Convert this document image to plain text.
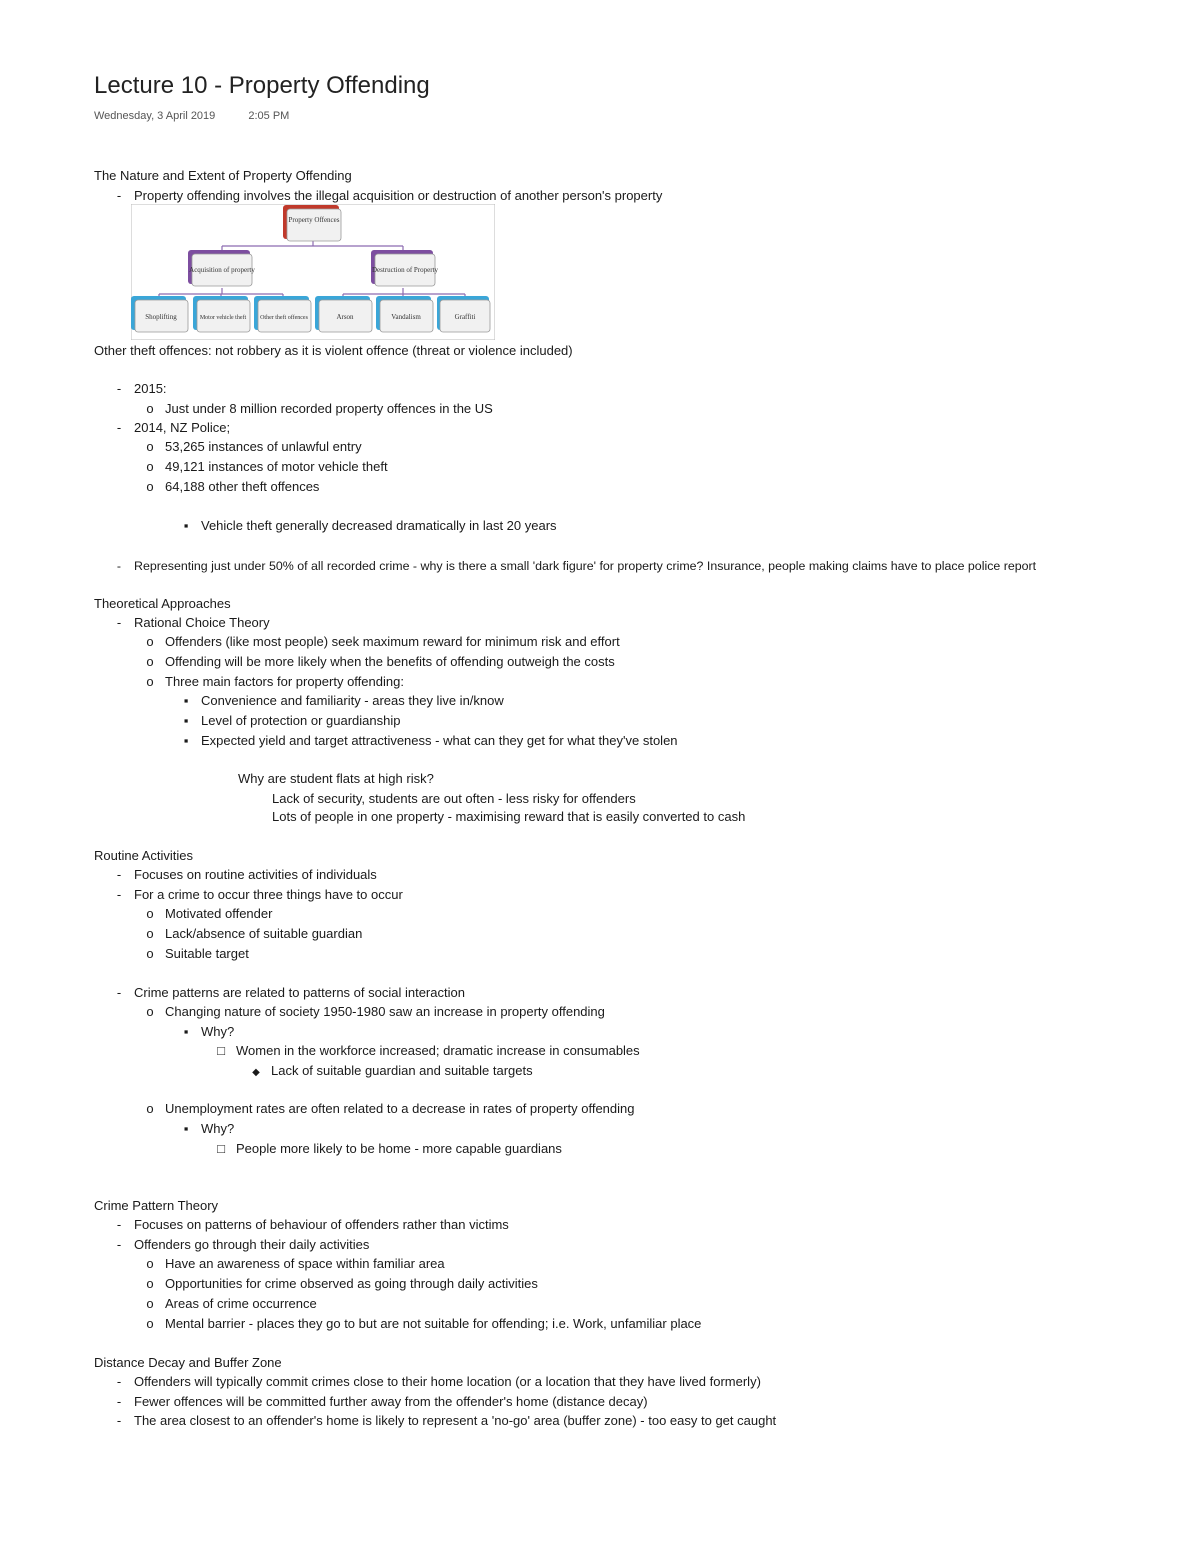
Lecture 10 - Property Offending
Wednesday, 3 April 2019	2:05 PM
The Nature and Extent of Property Offending
- Property offending involves the illegal acquisition or destruction of another person's property
Property Offences
Acquisition of property	Destruction of Property
Shoplifting	Motor vehicle theft Other theft offences	Arson	Vandalism	Graffiti
Other theft offences: not robbery as it is violent offence (threat or violence included)
- 2015:
o Just under 8 million recorded property offences in the US
- 2014, NZ Police;
o 53,265 instances of unlawful entry
o 49,121 instances of motor vehicle theft
o 64,188 other theft offences
▪ Vehicle theft generally decreased dramatically in last 20 years
- Representing just under 50% of all recorded crime - why is there a small 'dark figure' for property crime? Insurance, people making claims have to place police report
Theoretical Approaches
- Rational Choice Theory
o Offenders (like most people) seek maximum reward for minimum risk and effort
o Offending will be more likely when the benefits of offending outweigh the costs
o Three main factors for property offending:
▪ Convenience and familiarity - areas they live in/know
▪ Level of protection or guardianship
▪ Expected yield and target attractiveness - what can they get for what they've stolen
Why are student flats at high risk?
Lack of security, students are out often - less risky for offenders
Lots of people in one property - maximising reward that is easily converted to cash
Routine Activities
- Focuses on routine activities of individuals
- For a crime to occur three things have to occur
o Motivated offender
o Lack/absence of suitable guardian
o Suitable target
- Crime patterns are related to patterns of social interaction
o Changing nature of society 1950-1980 saw an increase in property offending
▪ Why?
□ Women in the workforce increased; dramatic increase in consumables
◆ Lack of suitable guardian and suitable targets
o Unemployment rates are often related to a decrease in rates of property offending
▪ Why?
□ People more likely to be home - more capable guardians
Crime Pattern Theory
- Focuses on patterns of behaviour of offenders rather than victims
- Offenders go through their daily activities
o Have an awareness of space within familiar area
o Opportunities for crime observed as going through daily activities
o Areas of crime occurrence
o Mental barrier - places they go to but are not suitable for offending; i.e. Work, unfamiliar place
Distance Decay and Buffer Zone
- Offenders will typically commit crimes close to their home location (or a location that they have lived formerly)
- Fewer offences will be committed further away from the offender's home (distance decay)
- The area closest to an offender's home is likely to represent a 'no-go' area (buffer zone) - too easy to get caught
